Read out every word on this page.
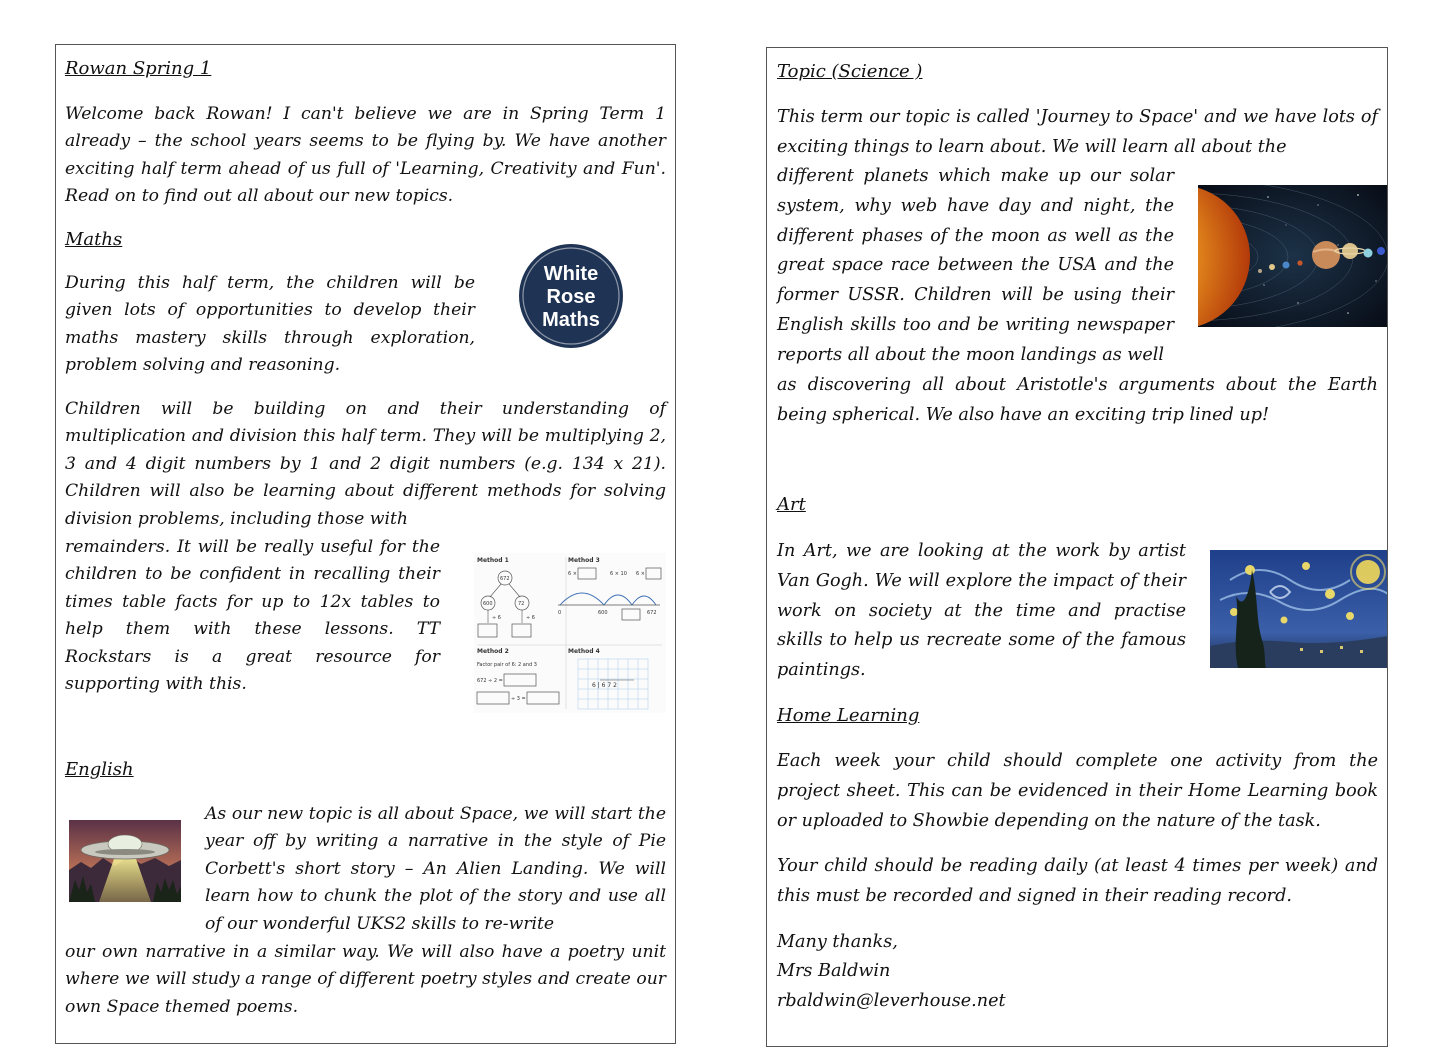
Rowan Spring 1

Welcome back Rowan! I can't believe we are in Spring Term 1 already – the school years seems to be flying by. We have another exciting half term ahead of us full of 'Learning, Creativity and Fun'. Read on to find out all about our new topics.

Maths

During this half term, the children will be given lots of opportunities to develop their maths mastery skills through exploration, problem solving and reasoning.

White
Rose
Maths

Children will be building on and their understanding of multiplication and division this half term. They will be multiplying 2, 3 and 4 digit numbers by 1 and 2 digit numbers (e.g. 134 x 21). Children will also be learning about different methods for solving division problems, including those with

remainders. It will be really useful for the children to be confident in recalling their times table facts for up to 12x tables to help them with these lessons. TT Rockstars is a great resource for supporting with this.

Method 1
672
600	72
÷ 6	÷ 6
Method 3
6 ×	6 × 10 6 ×
0	600	672
Method 2
Factor pair of 6: 2 and 3
672 ÷ 2 =
÷ 3 =
Method 4
6 | 6 7 2

English

As our new topic is all about Space, we will start the year off by writing a narrative in the style of Pie Corbett's short story – An Alien Landing. We will learn how to chunk the plot of the story and use all of our wonderful UKS2 skills to re-write

our own narrative in a similar way. We will also have a poetry unit where we will study a range of different poetry styles and create our own Space themed poems.

Topic (Science )

This term our topic is called 'Journey to Space' and we have lots of exciting things to learn about. We will learn all about the

different planets which make up our solar system, why web have day and night, the different phases of the moon as well as the great space race between the USA and the former USSR. Children will be using their English skills too and be writing newspaper reports all about the moon landings as well

as discovering all about Aristotle's arguments about the Earth being spherical. We also have an exciting trip lined up!

Art

In Art, we are looking at the work by artist Van Gogh. We will explore the impact of their work on society at the time and practise skills to help us recreate some of the famous paintings.

Home Learning

Each week your child should complete one activity from the project sheet. This can be evidenced in their Home Learning book or uploaded to Showbie depending on the nature of the task.

Your child should be reading daily (at least 4 times per week) and this must be recorded and signed in their reading record.

Many thanks,

Mrs Baldwin

rbaldwin@leverhouse.net
